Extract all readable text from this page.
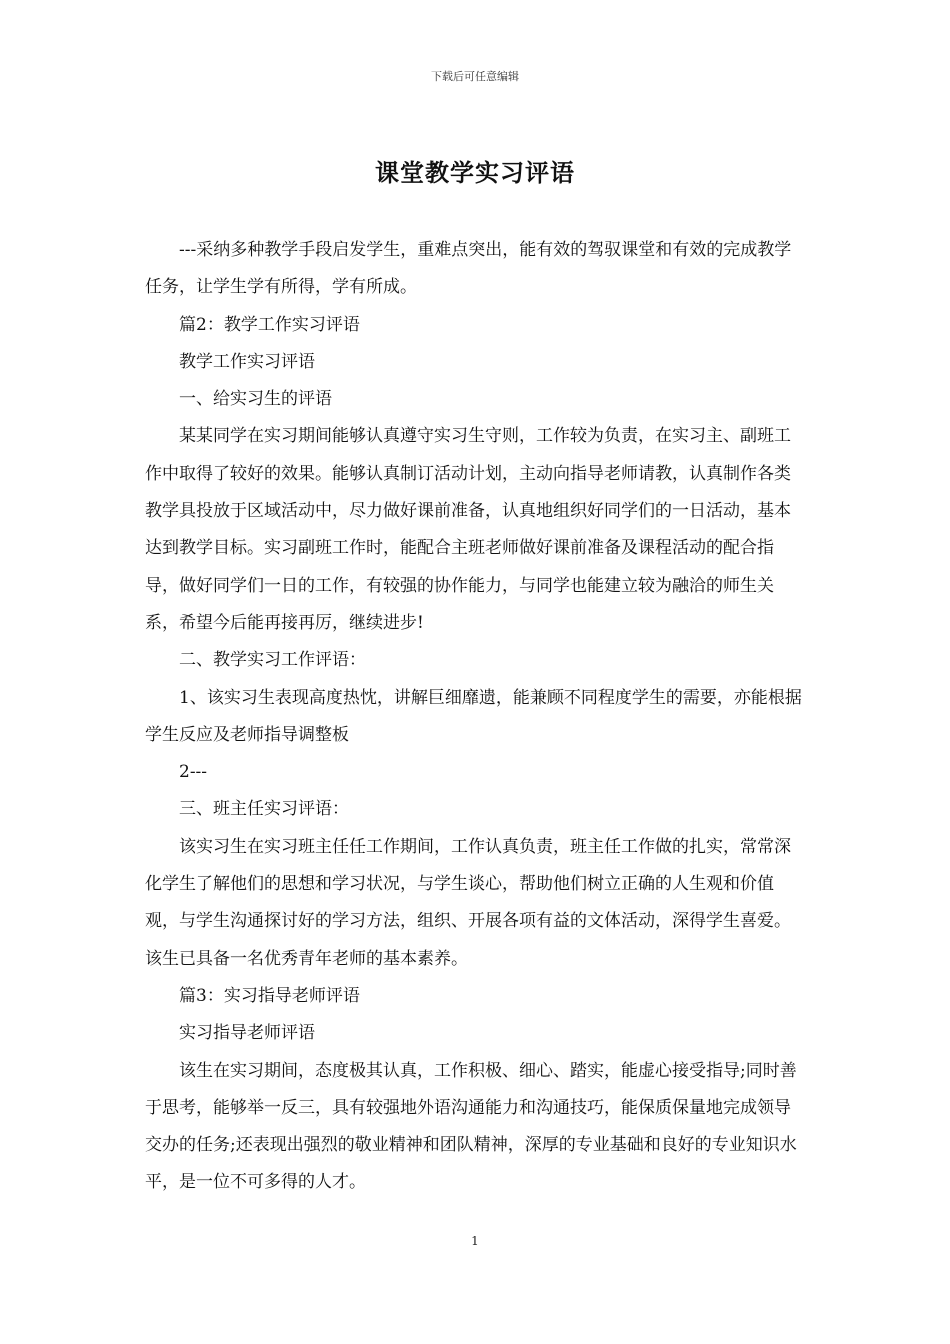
下载后可任意编辑
课堂教学实习评语

---采纳多种教学手段启发学生，重难点突出，能有效的驾驭课堂和有效的完成教学任务，让学生学有所得，学有所成。

篇2：教学工作实习评语

教学工作实习评语

一、给实习生的评语

某某同学在实习期间能够认真遵守实习生守则，工作较为负责，在实习主、副班工作中取得了较好的效果。能够认真制订活动计划，主动向指导老师请教，认真制作各类教学具投放于区域活动中，尽力做好课前准备，认真地组织好同学们的一日活动，基本达到教学目标。实习副班工作时，能配合主班老师做好课前准备及课程活动的配合指导，做好同学们一日的工作，有较强的协作能力，与同学也能建立较为融洽的师生关系，希望今后能再接再厉，继续进步!

二、教学实习工作评语：

1、该实习生表现高度热忱，讲解巨细靡遗，能兼顾不同程度学生的需要，亦能根据学生反应及老师指导调整板

2---

三、班主任实习评语：

该实习生在实习班主任任工作期间，工作认真负责，班主任工作做的扎实，常常深化学生了解他们的思想和学习状况，与学生谈心，帮助他们树立正确的人生观和价值观，与学生沟通探讨好的学习方法，组织、开展各项有益的文体活动，深得学生喜爱。该生已具备一名优秀青年老师的基本素养。

篇3：实习指导老师评语

实习指导老师评语

该生在实习期间，态度极其认真，工作积极、细心、踏实，能虚心接受指导;同时善于思考，能够举一反三，具有较强地外语沟通能力和沟通技巧，能保质保量地完成领导交办的任务;还表现出强烈的敬业精神和团队精神，深厚的专业基础和良好的专业知识水平，是一位不可多得的人才。

1
